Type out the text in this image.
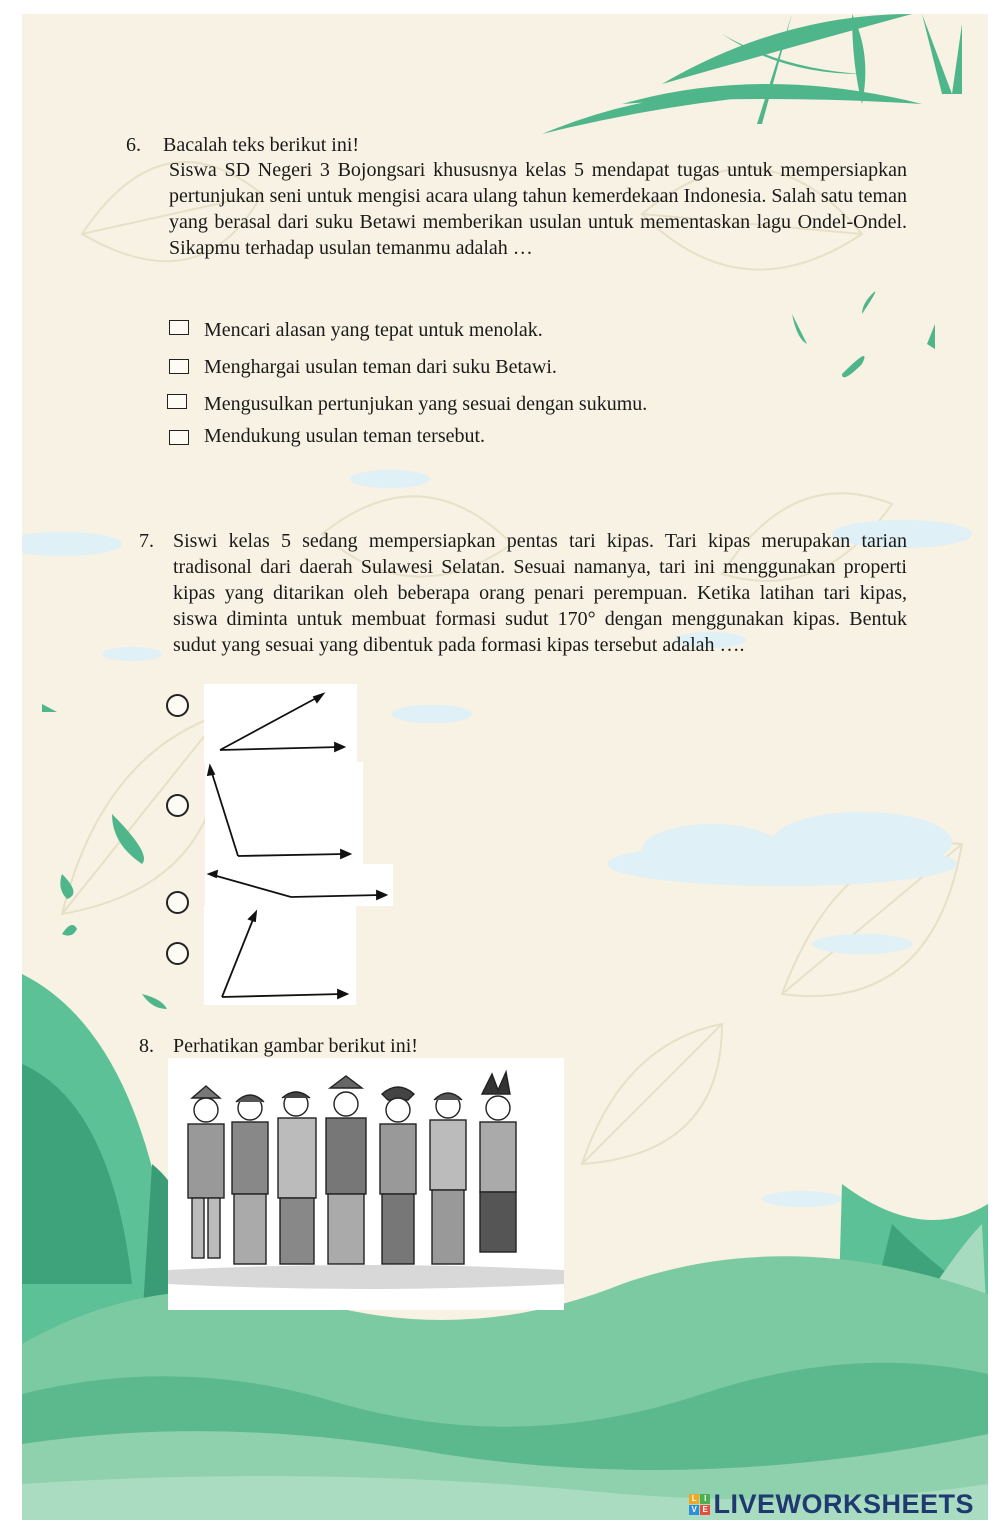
6. Bacalah teks berikut ini!
Siswa SD Negeri 3 Bojongsari khususnya kelas 5 mendapat tugas untuk mempersiapkan pertunjukan seni untuk mengisi acara ulang tahun kemerdekaan Indonesia. Salah satu teman yang berasal dari suku Betawi memberikan usulan untuk mementaskan lagu Ondel-Ondel. Sikapmu terhadap usulan temanmu adalah …
Mencari alasan yang tepat untuk menolak.
Menghargai usulan teman dari suku Betawi.
Mengusulkan pertunjukan yang sesuai dengan sukumu.
Mendukung usulan teman tersebut.
7. Siswi kelas 5 sedang mempersiapkan pentas tari kipas. Tari kipas merupakan tarian tradisonal dari daerah Sulawesi Selatan. Sesuai namanya, tari ini menggunakan properti kipas yang ditarikan oleh beberapa orang penari perempuan. Ketika latihan tari kipas, siswa diminta untuk membuat formasi sudut 170° dengan menggunakan kipas. Bentuk sudut yang sesuai yang dibentuk pada formasi kipas tersebut adalah ….
8. Perhatikan gambar berikut ini!
L I
V E LIVEWORKSHEETS
